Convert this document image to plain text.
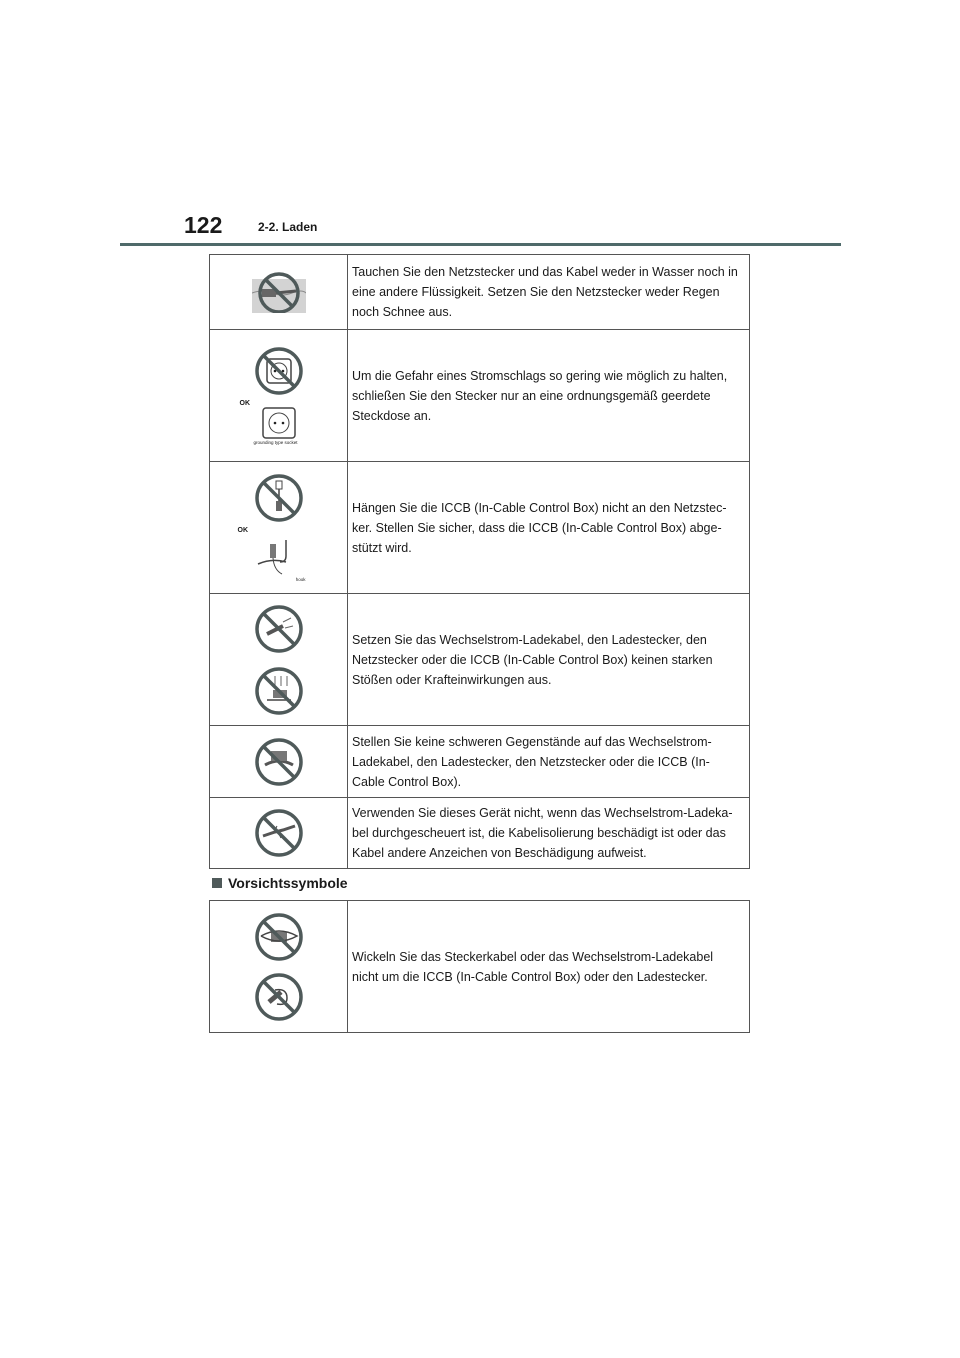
122	2-2. Laden
	Tauchen Sie den Netzstecker und das Kabel weder in Wasser noch in eine andere Flüssigkeit. Setzen Sie den Netzstecker weder Regen noch Schnee aus.

OK
grounding type socket	Um die Gefahr eines Stromschlags so gering wie möglich zu halten, schließen Sie den Stecker nur an eine ordnungsgemäß geerdete Steckdose an.

OK
hook	Hängen Sie die ICCB (In-Cable Control Box) nicht an den Netzstec-ker. Stellen Sie sicher, dass die ICCB (In-Cable Control Box) abge-stützt wird.

	Setzen Sie das Wechselstrom-Ladekabel, den Ladestecker, den Netzstecker oder die ICCB (In-Cable Control Box) keinen starken Stößen oder Krafteinwirkungen aus.

	Stellen Sie keine schweren Gegenstände auf das Wechselstrom-Ladekabel, den Ladestecker, den Netzstecker oder die ICCB (In-Cable Control Box).

	Verwenden Sie dieses Gerät nicht, wenn das Wechselstrom-Ladeka-bel durchgescheuert ist, die Kabelisolierung beschädigt ist oder das Kabel andere Anzeichen von Beschädigung aufweist.
Vorsichtssymbole
	Wickeln Sie das Steckerkabel oder das Wechselstrom-Ladekabel nicht um die ICCB (In-Cable Control Box) oder den Ladestecker.
